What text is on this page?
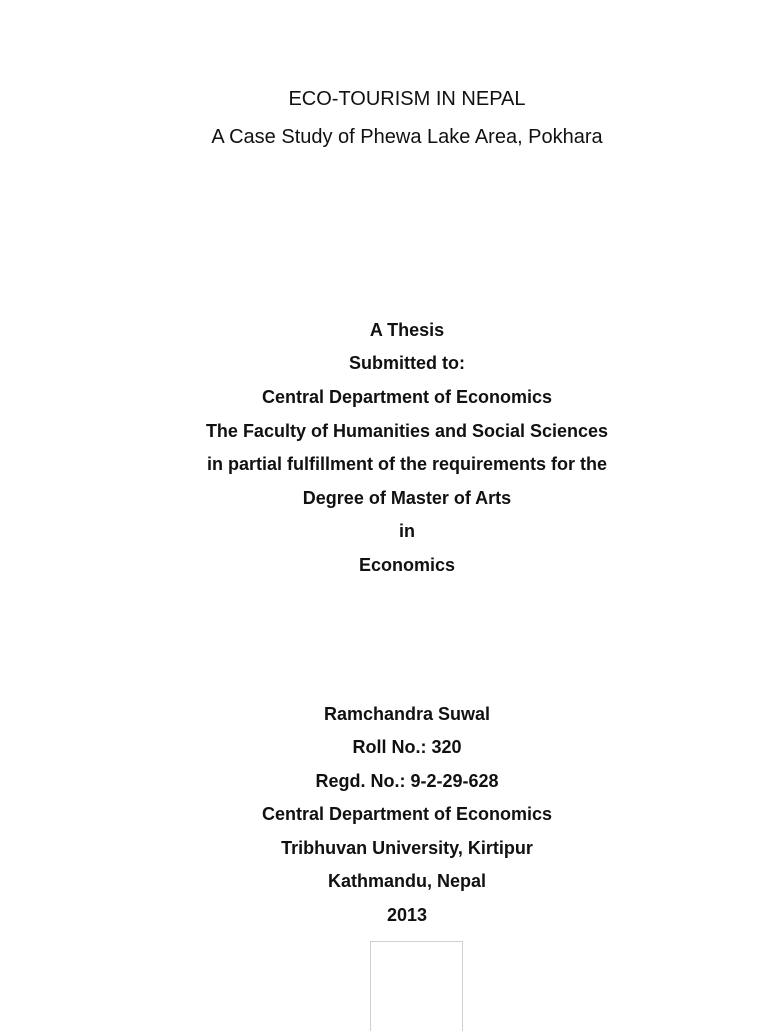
ECO-TOURISM IN NEPAL
A Case Study of Phewa Lake Area, Pokhara
A Thesis
Submitted to:
Central Department of Economics
The Faculty of Humanities and Social Sciences
in partial fulfillment of the requirements for the
Degree of Master of Arts
in
Economics
Ramchandra Suwal
Roll No.: 320
Regd. No.: 9-2-29-628
Central Department of Economics
Tribhuvan University, Kirtipur
Kathmandu, Nepal
2013
